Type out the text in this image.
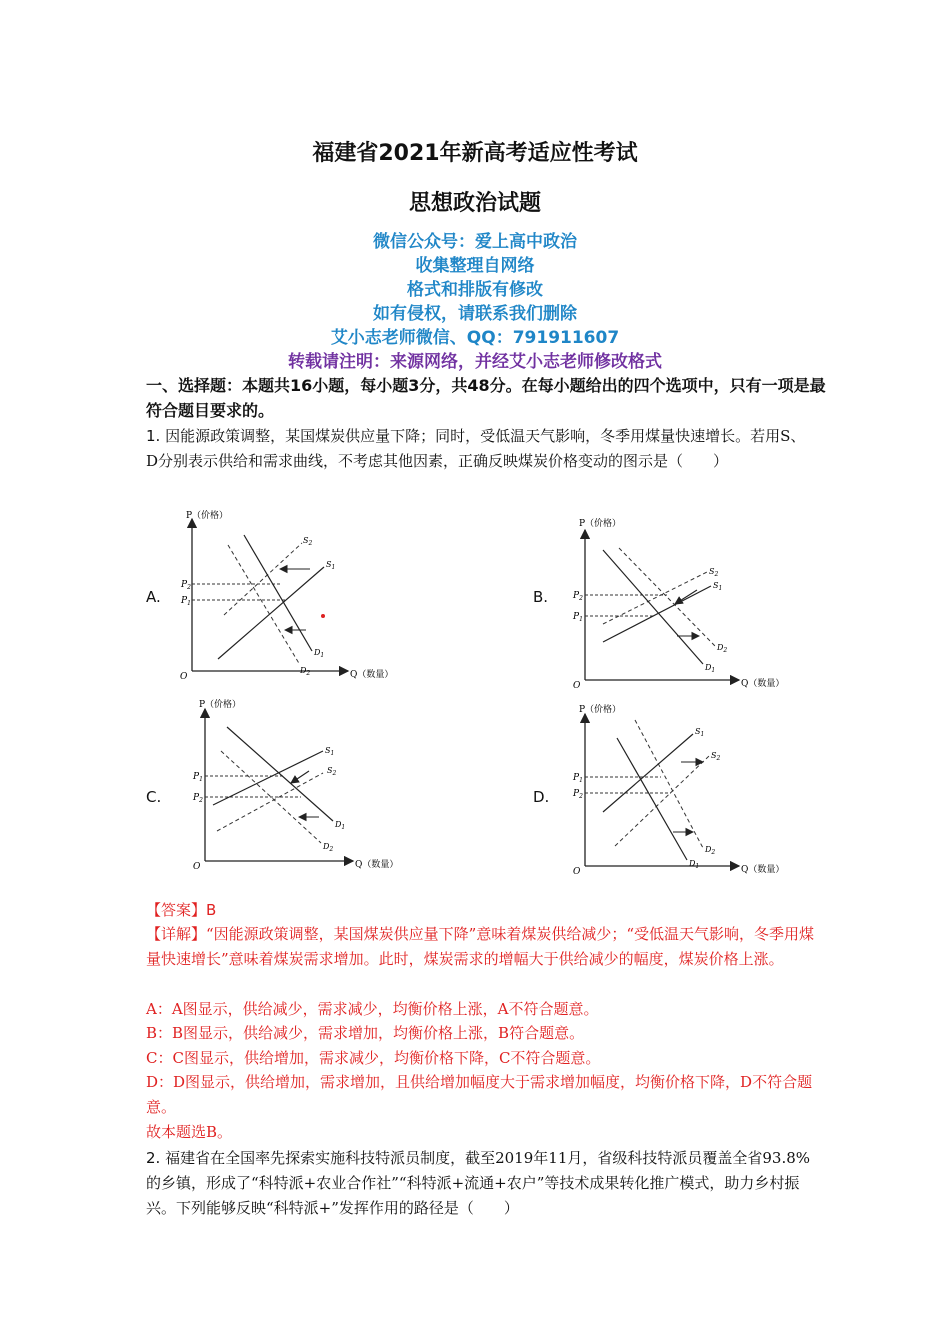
福建省2021年新高考适应性考试
思想政治试题
微信公众号：爱上高中政治
收集整理自网络
格式和排版有修改
如有侵权，请联系我们删除
艾小志老师微信、QQ：791911607
转载请注明：来源网络，并经艾小志老师修改格式
一、选择题：本题共16小题，每小题3分，共48分。在每小题给出的四个选项中，只有一项是最符合题目要求的。
1. 因能源政策调整，某国煤炭供应量下降；同时，受低温天气影响，冬季用煤量快速增长。若用S、D分别表示供给和需求曲线，不考虑其他因素，正确反映煤炭价格变动的图示是（　　）
A.	B.
C.	D.
P（价格）
Q（数量）
O
$P_2$
$P_1$
$S_1$
$S_2$
$D_1$
$D_2$
P（价格）
Q（数量）
O
$P_2$
$P_1$
$S_1$
$S_2$
$D_1$
$D_2$
P（价格）
Q（数量）
O
$P_1$
$P_2$
$S_1$
$S_2$
$D_1$
$D_2$
P（价格）
Q（数量）
O
$P_1$
$P_2$
$S_1$
$S_2$
$D_1$
$D_2$
【答案】B
【详解】“因能源政策调整，某国煤炭供应量下降”意味着煤炭供给减少；“受低温天气影响，冬季用煤量快速增长”意味着煤炭需求增加。此时，煤炭需求的增幅大于供给减少的幅度，煤炭价格上涨。
A：A图显示，供给减少，需求减少，均衡价格上涨，A不符合题意。
B：B图显示，供给减少，需求增加，均衡价格上涨，B符合题意。
C：C图显示，供给增加，需求减少，均衡价格下降，C不符合题意。
D：D图显示，供给增加，需求增加，且供给增加幅度大于需求增加幅度，均衡价格下降，D不符合题意。
故本题选B。
2. 福建省在全国率先探索实施科技特派员制度，截至2019年11月，省级科技特派员覆盖全省93.8%的乡镇，形成了“科特派+农业合作社”“科特派+流通+农户”等技术成果转化推广模式，助力乡村振兴。下列能够反映“科特派+”发挥作用的路径是（　　）
